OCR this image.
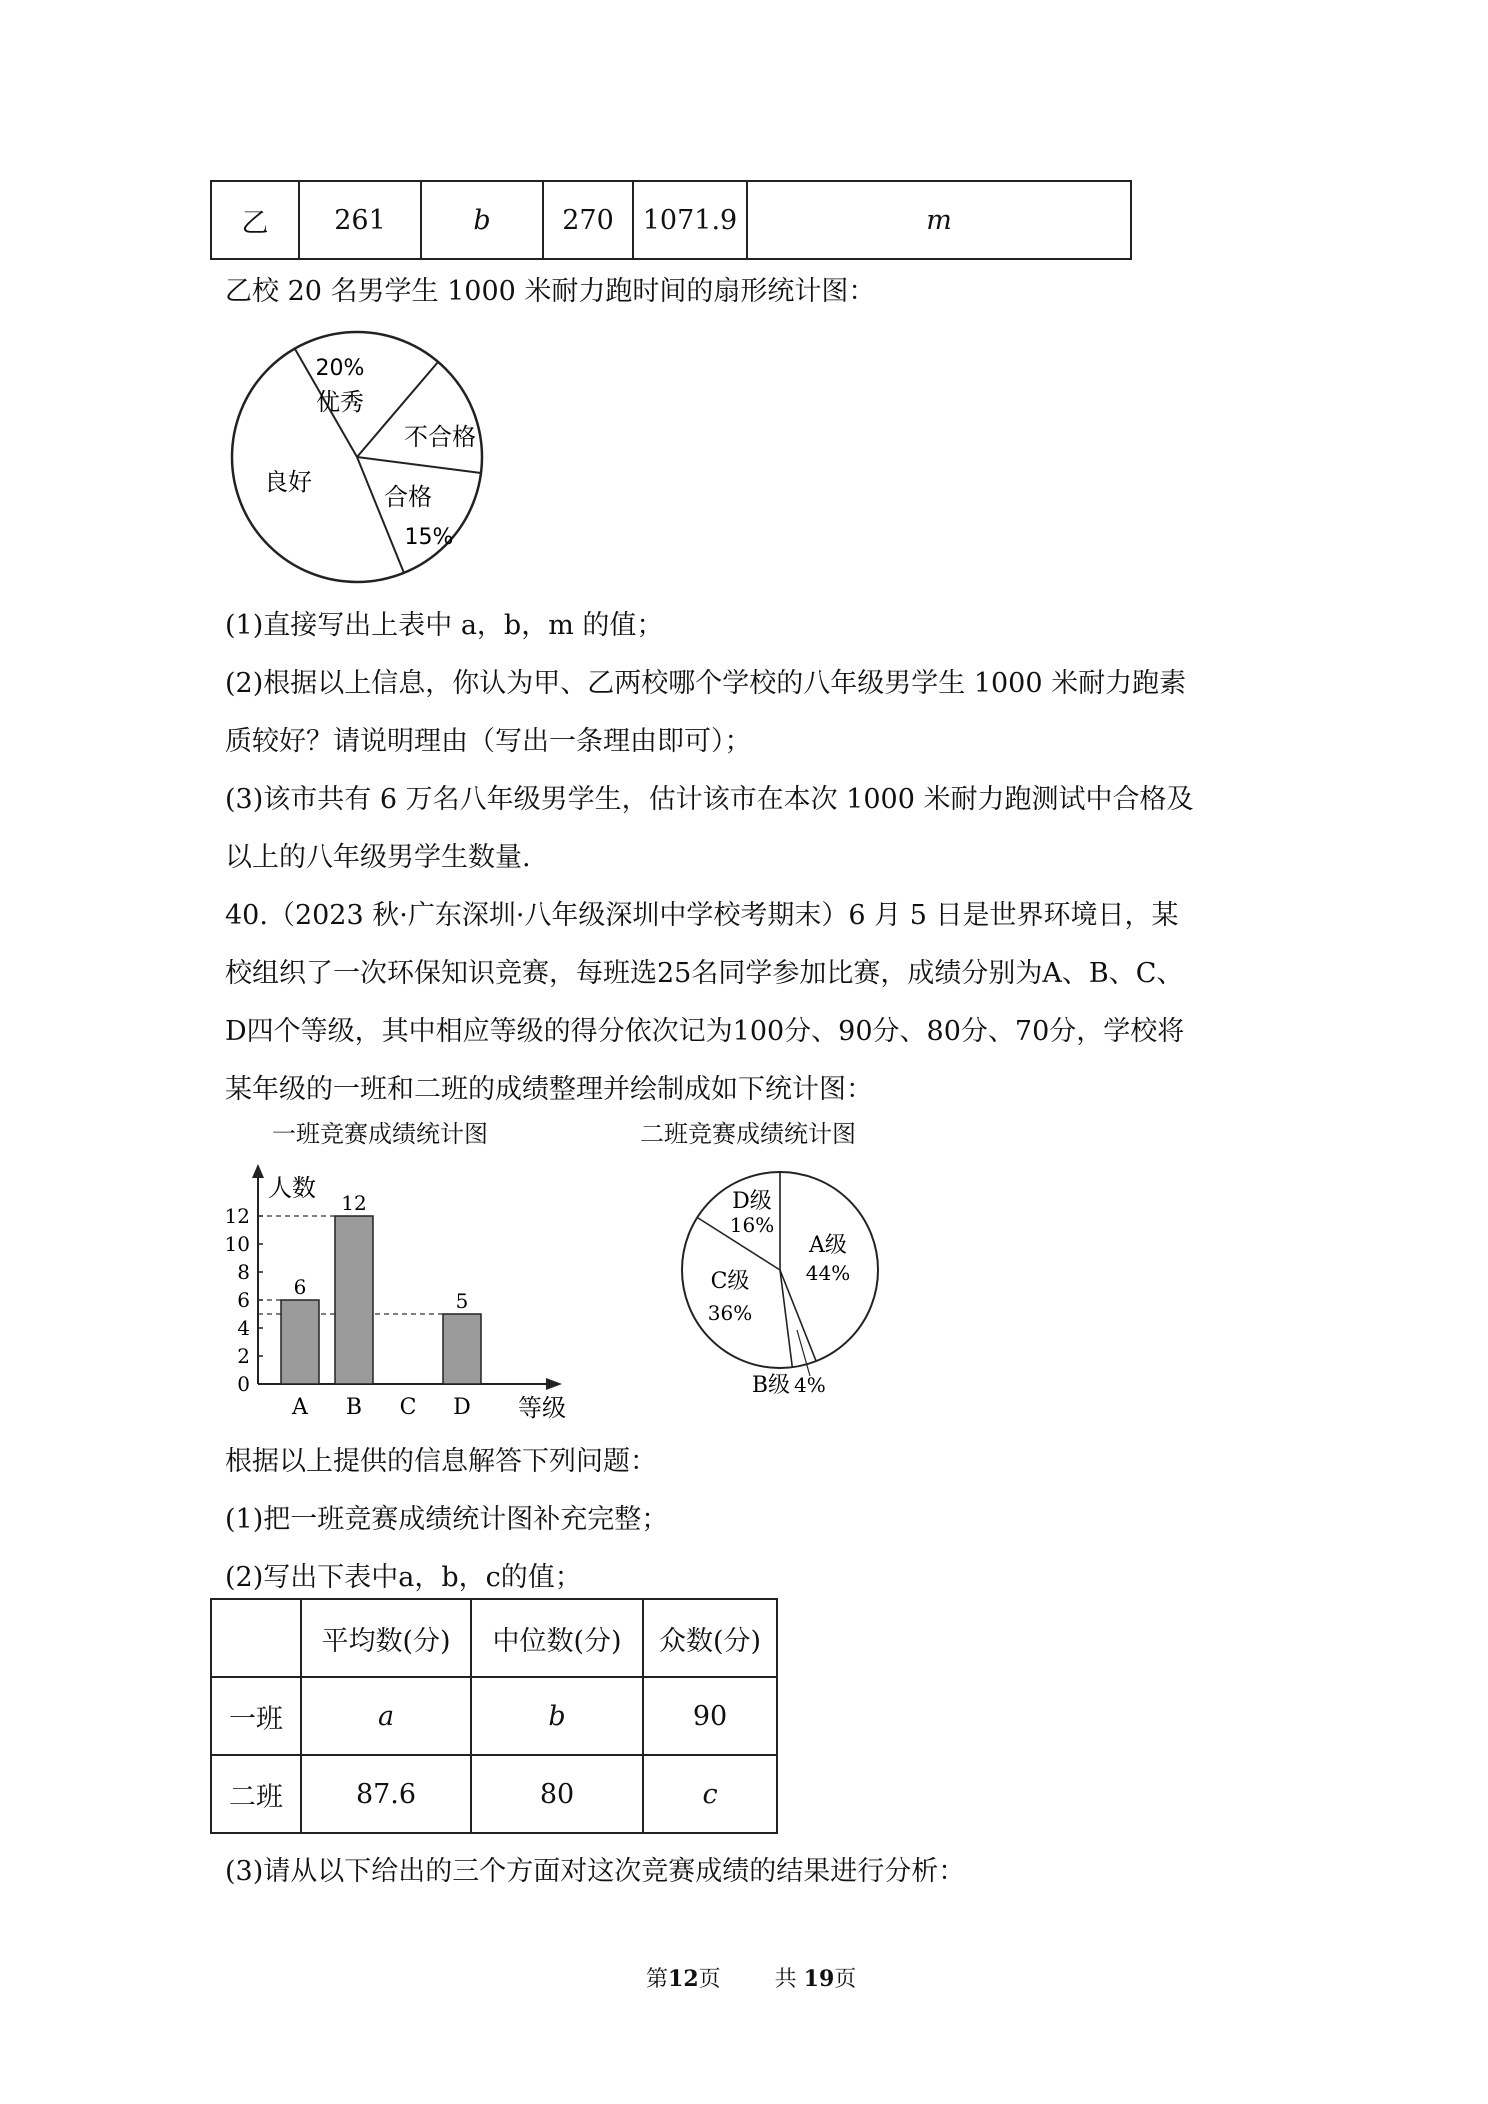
乙	261	b	270	1071.9	m
乙校 20 名男学生 1000 米耐力跑时间的扇形统计图：
20%
优秀
不合格
良好
合格
15%
(1)直接写出上表中 a，b，m 的值；
(2)根据以上信息，你认为甲、乙两校哪个学校的八年级男学生 1000 米耐力跑素
质较好？请说明理由（写出一条理由即可）；
(3)该市共有 6 万名八年级男学生，估计该市在本次 1000 米耐力跑测试中合格及
以上的八年级男学生数量.
40.（2023 秋·广东深圳·八年级深圳中学校考期末）6 月 5 日是世界环境日，某
校组织了一次环保知识竞赛，每班选25名同学参加比赛，成绩分别为A、B、C、
D四个等级，其中相应等级的得分依次记为100分、90分、80分、70分，学校将
某年级的一班和二班的成绩整理并绘制成如下统计图：
一班竞赛成绩统计图	二班竞赛成绩统计图
人数
等级
0
2
4
6
8
10
12
A
6
B
12
C D
5
D级
16%
A级
44%
C级
36%
B级 4%
根据以上提供的信息解答下列问题：
(1)把一班竞赛成绩统计图补充完整；
(2)写出下表中a，b，c的值；
	平均数(分)	中位数(分)	众数(分)
一班	a	b	90
二班	87.6	80	c
(3)请从以下给出的三个方面对这次竞赛成绩的结果进行分析：
第12页 共 19页
